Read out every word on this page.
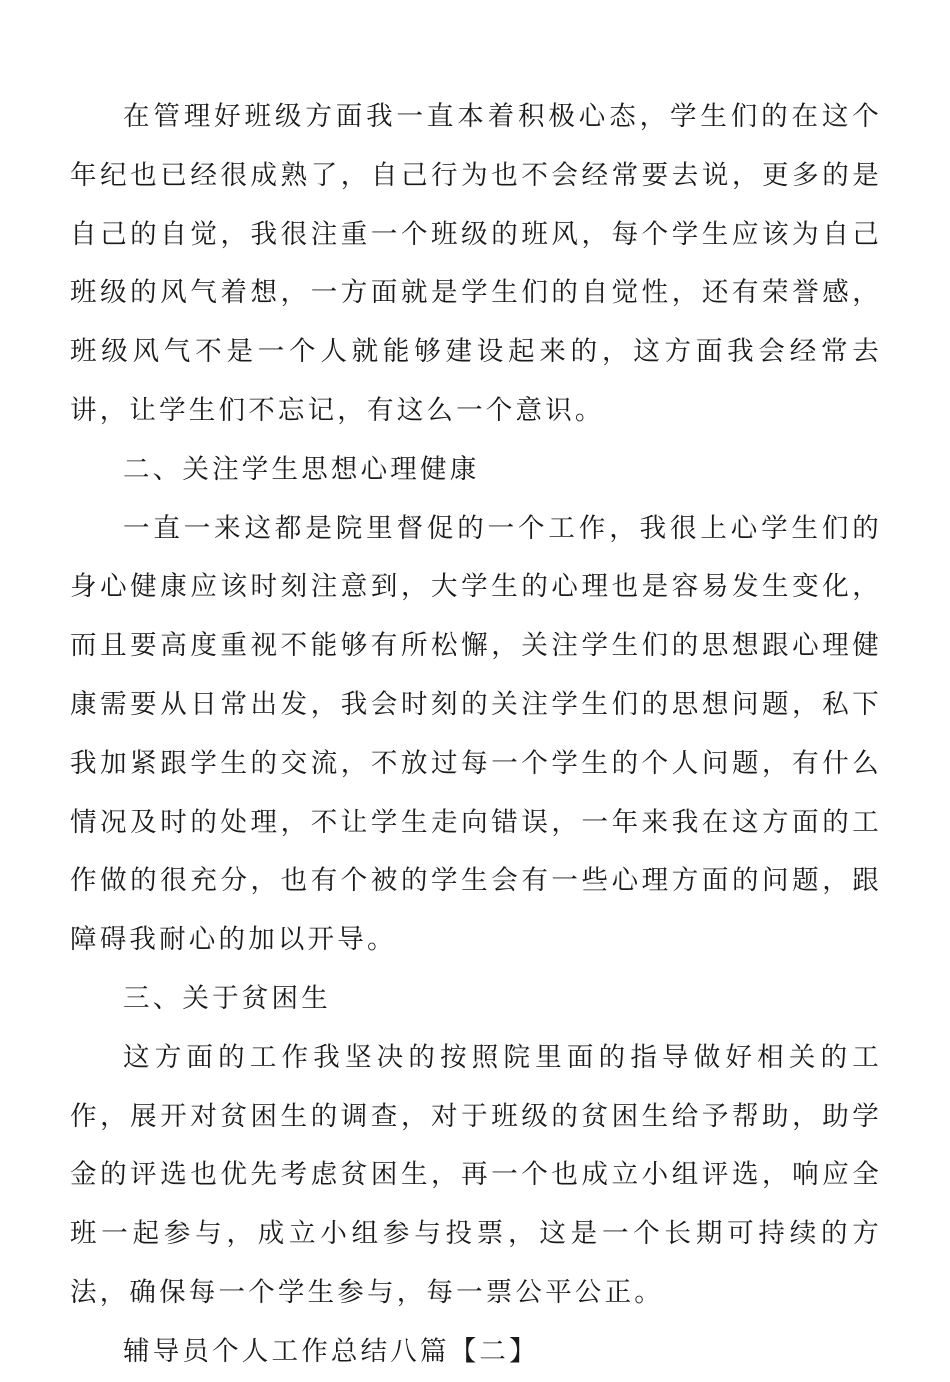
在管理好班级方面我一直本着积极心态，学生们的在这个年纪也已经很成熟了，自己行为也不会经常要去说，更多的是自己的自觉，我很注重一个班级的班风，每个学生应该为自己班级的风气着想，一方面就是学生们的自觉性，还有荣誉感，班级风气不是一个人就能够建设起来的，这方面我会经常去讲，让学生们不忘记，有这么一个意识。

二、关注学生思想心理健康

一直一来这都是院里督促的一个工作，我很上心学生们的身心健康应该时刻注意到，大学生的心理也是容易发生变化，而且要高度重视不能够有所松懈，关注学生们的思想跟心理健康需要从日常出发，我会时刻的关注学生们的思想问题，私下我加紧跟学生的交流，不放过每一个学生的个人问题，有什么情况及时的处理，不让学生走向错误，一年来我在这方面的工作做的很充分，也有个被的学生会有一些心理方面的问题，跟障碍我耐心的加以开导。

三、关于贫困生

这方面的工作我坚决的按照院里面的指导做好相关的工作，展开对贫困生的调查，对于班级的贫困生给予帮助，助学金的评选也优先考虑贫困生，再一个也成立小组评选，响应全班一起参与，成立小组参与投票，这是一个长期可持续的方法，确保每一个学生参与，每一票公平公正。

辅导员个人工作总结八篇【二】
